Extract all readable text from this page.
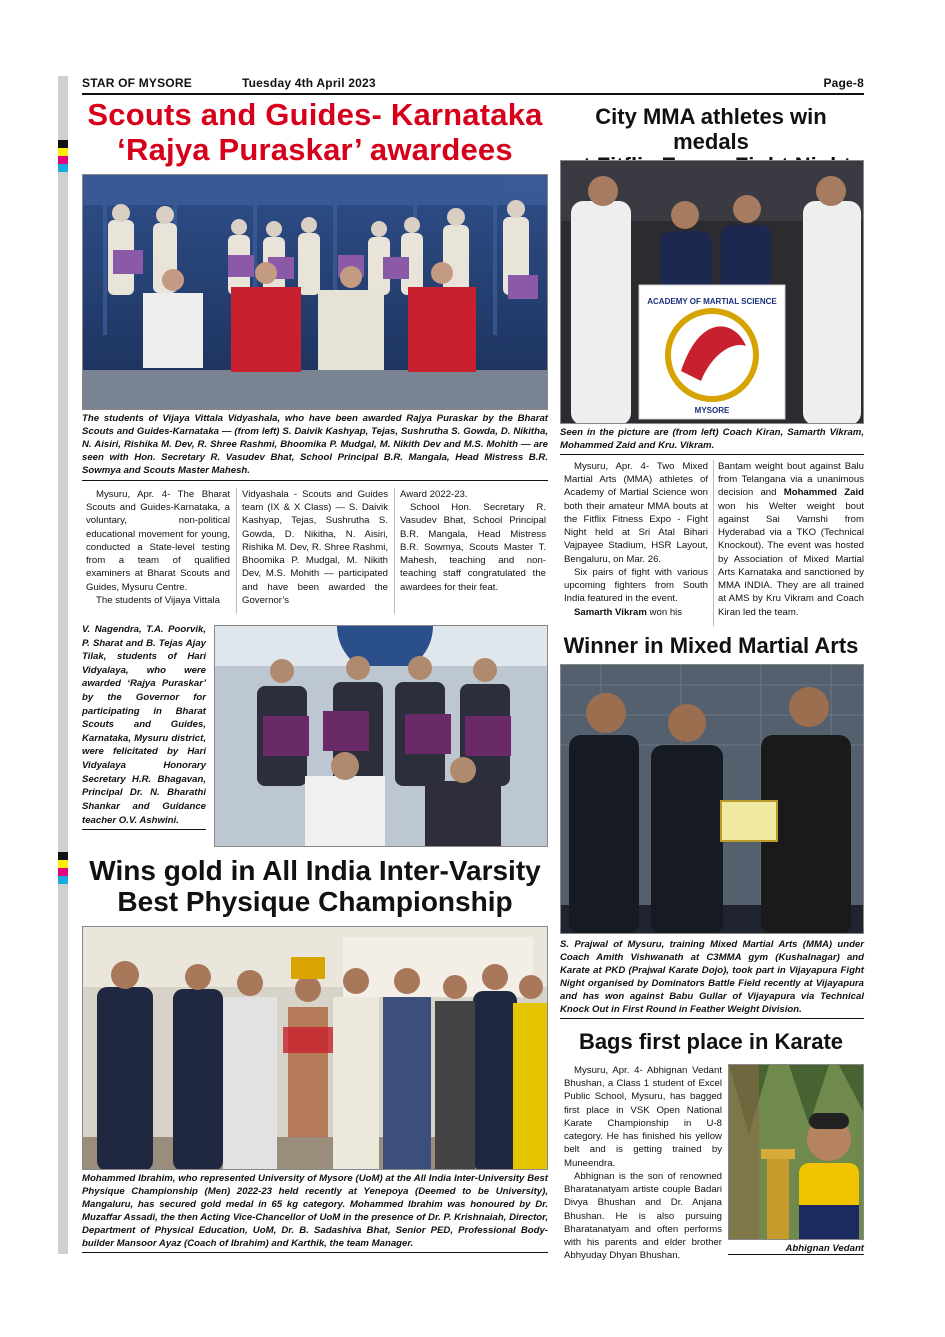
STAR OF MYSORE	Tuesday 4th April 2023	Page-8
Scouts and Guides- Karnataka
‘Rajya Puraskar’ awardees
The students of Vijaya Vittala Vidyashala, who have been awarded Rajya Puraskar by the Bharat Scouts and Guides-Karnataka — (from left) S. Daivik Kashyap, Tejas, Sushrutha S. Gowda, D. Nikitha, N. Aisiri, Rishika M. Dev, R. Shree Rashmi, Bhoomika P. Mudgal, M. Nikith Dev and M.S. Mohith — are seen with Hon. Secretary R. Vasudev Bhat, School Principal B.R. Mangala, Head Mistress B.R. Sowmya and Scouts Master Mahesh.

Mysuru, Apr. 4- The Bharat Scouts and Guides-Karnataka, a voluntary, non-political educational movement for young, conducted a State-level testing from a team of qualified examiners at Bharat Scouts and Guides, Mysuru Centre.

The students of Vijaya Vittala

Vidyashala - Scouts and Guides team (IX & X Class) — S. Daivik Kashyap, Tejas, Sushrutha S. Gowda, D. Nikitha, N. Aisiri, Rishika M. Dev, R. Shree Rashmi, Bhoomika P. Mudgal, M. Nikith Dev, M.S. Mohith — participated and have been awarded the Governor’s

Award 2022-23.

School Hon. Secretary R. Vasudev Bhat, School Principal B.R. Mangala, Head Mistress B.R. Sowmya, Scouts Master T. Mahesh, teaching and non-teaching staff congratulated the awardees for their feat.

V. Nagendra, T.A. Poorvik, P. Sharat and B. Tejas Ajay Tilak, students of Hari Vidyalaya, who were awarded ‘Rajya Puraskar’ by the Governor for participating in Bharat Scouts and Guides, Karnataka, Mysuru district, were felicitated by Hari Vidyalaya Honorary Secretary H.R. Bhagavan, Principal Dr. N. Bharathi Shankar and Guidance teacher O.V. Ashwini.
Wins gold in All India Inter-Varsity
Best Physique Championship
Mohammed Ibrahim, who represented University of Mysore (UoM) at the All India Inter-University Best Physique Championship (Men) 2022-23 held recently at Yenepoya (Deemed to be University), Mangaluru, has secured gold medal in 65 kg category. Mohammed Ibrahim was honoured by Dr. Muzaffar Assadi, the then Acting Vice-Chancellor of UoM in the presence of Dr. P. Krishnaiah, Director, Department of Physical Education, UoM, Dr. B. Sadashiva Bhat, Senior PED, Professional Body-builder Mansoor Ayaz (Coach of Ibrahim) and Karthik, the team Manager.
City MMA athletes win medals
ACADEMY OF MARTIAL SCIENCE
MYSORE
Seen in the picture are (from left) Coach Kiran, Samarth Vikram, Mohammed Zaid and Kru. Vikram.

Mysuru, Apr. 4- Two Mixed Martial Arts (MMA) athletes of Academy of Martial Science won both their amateur MMA bouts at the Fitflix Fitness Expo - Fight Night held at Sri Atal Bihari Vajpayee Stadium, HSR Layout, Bengaluru, on Mar. 26.

Six pairs of fight with various upcoming fighters from South India featured in the event.

Samarth Vikram won his

Bantam weight bout against Balu from Telangana via a unanimous decision and Mohammed Zaid won his Welter weight bout against Sai Vamshi from Hyderabad via a TKO (Technical Knockout). The event was hosted by Association of Mixed Martial Arts Karnataka and sanctioned by MMA INDIA. They are all trained at AMS by Kru Vikram and Coach Kiran led the team.

Winner in Mixed Martial Arts
S. Prajwal of Mysuru, training Mixed Martial Arts (MMA) under Coach Amith Vishwanath at C3MMA gym (Kushalnagar) and Karate at PKD (Prajwal Karate Dojo), took part in Vijayapura Fight Night organised by Dominators Battle Field recently at Vijayapura and has won against Babu Gullar of Vijayapura via Technical Knock Out in First Round in Feather Weight Division.
Bags first place in Karate

Mysuru, Apr. 4- Abhignan Vedant Bhushan, a Class 1 student of Excel Public School, Mysuru, has bagged first place in VSK Open National Karate Championship in U-8 category. He has finished his yellow belt and is getting trained by Muneendra.

Abhignan is the son of renowned Bharatanatyam artiste couple Badari Divya Bhushan and Dr. Anjana Bhushan. He is also pursuing Bharatanatyam and often performs with his parents and elder brother Abhyuday Dhyan Bhushan.

Abhignan Vedant
